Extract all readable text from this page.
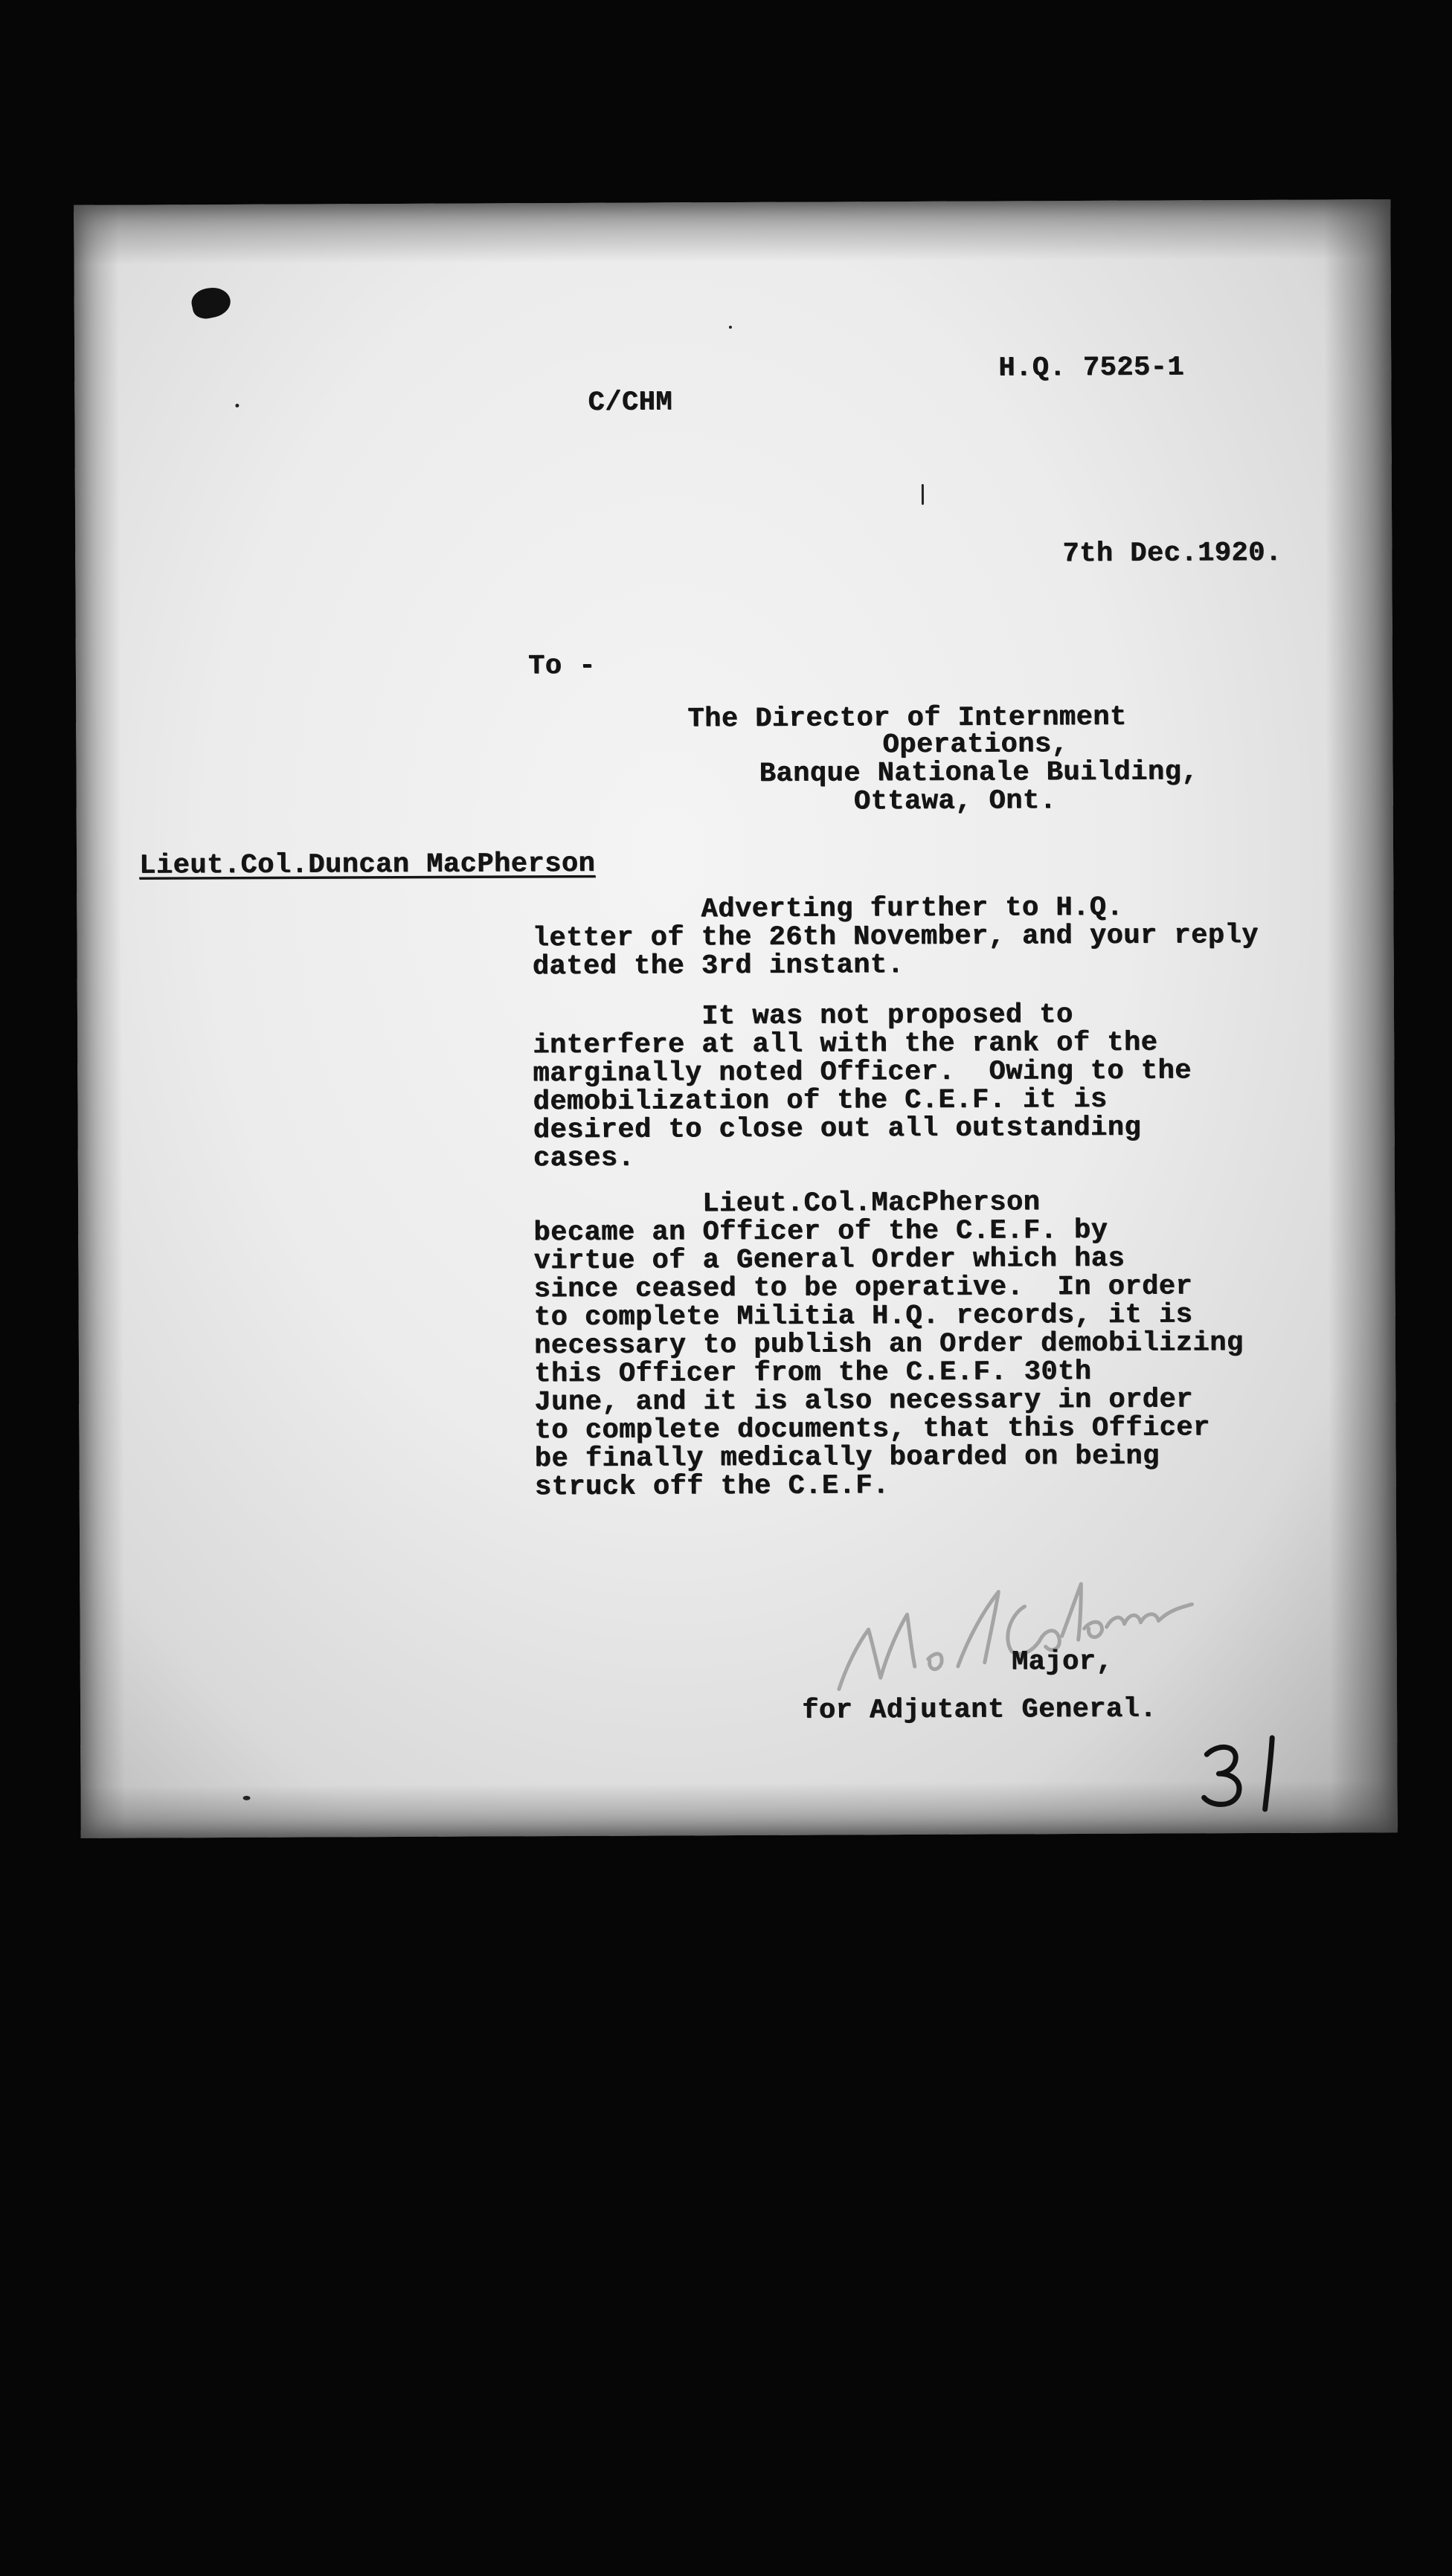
H.Q. 7525-1
C/CHM
7th Dec.1920.
To -
The Director of Internment
Operations,
Banque Nationale Building,
Ottawa, Ont.
Lieut.Col.Duncan MacPherson
Adverting further to H.Q.
letter of the 26th November, and your reply
dated the 3rd instant.
It was not proposed to
interfere at all with the rank of the
marginally noted Officer.  Owing to the
demobilization of the C.E.F. it is
desired to close out all outstanding
cases.
Lieut.Col.MacPherson
became an Officer of the C.E.F. by
virtue of a General Order which has
since ceased to be operative.  In order
to complete Militia H.Q. records, it is
necessary to publish an Order demobilizing
this Officer from the C.E.F. 30th
June, and it is also necessary in order
to complete documents, that this Officer
be finally medically boarded on being
struck off the C.E.F.
Major,
for Adjutant General.
